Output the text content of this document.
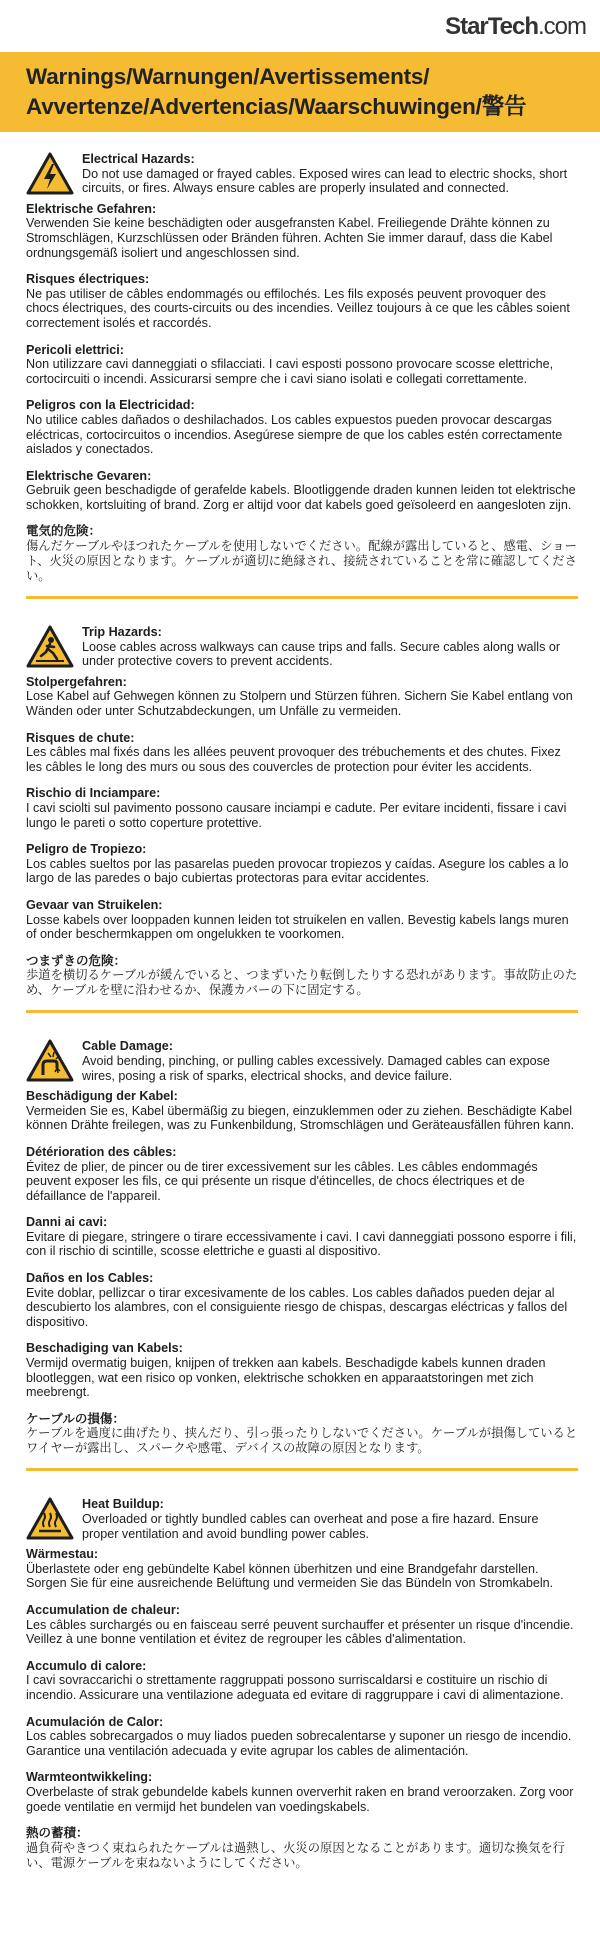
StarTech.com
Warnings/Warnungen/Avertissements/
Avvertenze/Advertencias/Waarschuwingen/警告
Electrical Hazards:
Do not use damaged or frayed cables. Exposed wires can lead to electric shocks, short circuits, or fires. Always ensure cables are properly insulated and connected.
Elektrische Gefahren:
Verwenden Sie keine beschädigten oder ausgefransten Kabel. Freiliegende Drähte können zu Stromschlägen, Kurzschlüssen oder Bränden führen. Achten Sie immer darauf, dass die Kabel ordnungsgemäß isoliert und angeschlossen sind.
Risques électriques:
Ne pas utiliser de câbles endommagés ou effilochés. Les fils exposés peuvent provoquer des chocs électriques, des courts-circuits ou des incendies. Veillez toujours à ce que les câbles soient correctement isolés et raccordés.
Pericoli elettrici:
Non utilizzare cavi danneggiati o sfilacciati. I cavi esposti possono provocare scosse elettriche, cortocircuiti o incendi. Assicurarsi sempre che i cavi siano isolati e collegati correttamente.
Peligros con la Electricidad:
No utilice cables dañados o deshilachados. Los cables expuestos pueden provocar descargas eléctricas, cortocircuitos o incendios. Asegúrese siempre de que los cables estén correctamente aislados y conectados.
Elektrische Gevaren:
Gebruik geen beschadigde of gerafelde kabels. Blootliggende draden kunnen leiden tot elektrische schokken, kortsluiting of brand. Zorg er altijd voor dat kabels goed geïsoleerd en aangesloten zijn.
電気的危険：
傷んだケーブルやほつれたケーブルを使用しないでください。配線が露出していると、感電、ショート、火災の原因となります。ケーブルが適切に絶縁され、接続されていることを常に確認してください。
Trip Hazards:
Loose cables across walkways can cause trips and falls. Secure cables along walls or under protective covers to prevent accidents.
Stolpergefahren:
Lose Kabel auf Gehwegen können zu Stolpern und Stürzen führen. Sichern Sie Kabel entlang von Wänden oder unter Schutzabdeckungen, um Unfälle zu vermeiden.
Risques de chute:
Les câbles mal fixés dans les allées peuvent provoquer des trébuchements et des chutes. Fixez les câbles le long des murs ou sous des couvercles de protection pour éviter les accidents.
Rischio di Inciampare:
I cavi sciolti sul pavimento possono causare inciampi e cadute. Per evitare incidenti, fissare i cavi lungo le pareti o sotto coperture protettive.
Peligro de Tropiezo:
Los cables sueltos por las pasarelas pueden provocar tropiezos y caídas. Asegure los cables a lo largo de las paredes o bajo cubiertas protectoras para evitar accidentes.
Gevaar van Struikelen:
Losse kabels over looppaden kunnen leiden tot struikelen en vallen. Bevestig kabels langs muren of onder beschermkappen om ongelukken te voorkomen.
つまずきの危険：
歩道を横切るケーブルが緩んでいると、つまずいたり転倒したりする恐れがあります。事故防止のため、ケーブルを壁に沿わせるか、保護カバーの下に固定する。
Cable Damage:
Avoid bending, pinching, or pulling cables excessively. Damaged cables can expose wires, posing a risk of sparks, electrical shocks, and device failure.
Beschädigung der Kabel:
Vermeiden Sie es, Kabel übermäßig zu biegen, einzuklemmen oder zu ziehen. Beschädigte Kabel können Drähte freilegen, was zu Funkenbildung, Stromschlägen und Geräteausfällen führen kann.
Détérioration des câbles:
Évitez de plier, de pincer ou de tirer excessivement sur les câbles. Les câbles endommagés peuvent exposer les fils, ce qui présente un risque d'étincelles, de chocs électriques et de défaillance de l'appareil.
Danni ai cavi:
Evitare di piegare, stringere o tirare eccessivamente i cavi. I cavi danneggiati possono esporre i fili, con il rischio di scintille, scosse elettriche e guasti al dispositivo.
Daños en los Cables:
Evite doblar, pellizcar o tirar excesivamente de los cables. Los cables dañados pueden dejar al descubierto los alambres, con el consiguiente riesgo de chispas, descargas eléctricas y fallos del dispositivo.
Beschadiging van Kabels:
Vermijd overmatig buigen, knijpen of trekken aan kabels. Beschadigde kabels kunnen draden blootleggen, wat een risico op vonken, elektrische schokken en apparaatstoringen met zich meebrengt.
ケーブルの損傷：
ケーブルを過度に曲げたり、挟んだり、引っ張ったりしないでください。ケーブルが損傷しているとワイヤーが露出し、スパークや感電、デバイスの故障の原因となります。
Heat Buildup:
Overloaded or tightly bundled cables can overheat and pose a fire hazard. Ensure proper ventilation and avoid bundling power cables.
Wärmestau:
Überlastete oder eng gebündelte Kabel können überhitzen und eine Brandgefahr darstellen. Sorgen Sie für eine ausreichende Belüftung und vermeiden Sie das Bündeln von Stromkabeln.
Accumulation de chaleur:
Les câbles surchargés ou en faisceau serré peuvent surchauffer et présenter un risque d'incendie. Veillez à une bonne ventilation et évitez de regrouper les câbles d'alimentation.
Accumulo di calore:
I cavi sovraccarichi o strettamente raggruppati possono surriscaldarsi e costituire un rischio di incendio. Assicurare una ventilazione adeguata ed evitare di raggruppare i cavi di alimentazione.
Acumulación de Calor:
Los cables sobrecargados o muy liados pueden sobrecalentarse y suponer un riesgo de incendio. Garantice una ventilación adecuada y evite agrupar los cables de alimentación.
Warmteontwikkeling:
Overbelaste of strak gebundelde kabels kunnen oververhit raken en brand veroorzaken. Zorg voor goede ventilatie en vermijd het bundelen van voedingskabels.
熱の蓄積：
過負荷やきつく束ねられたケーブルは過熱し、火災の原因となることがあります。適切な換気を行い、電源ケーブルを束ねないようにしてください。
